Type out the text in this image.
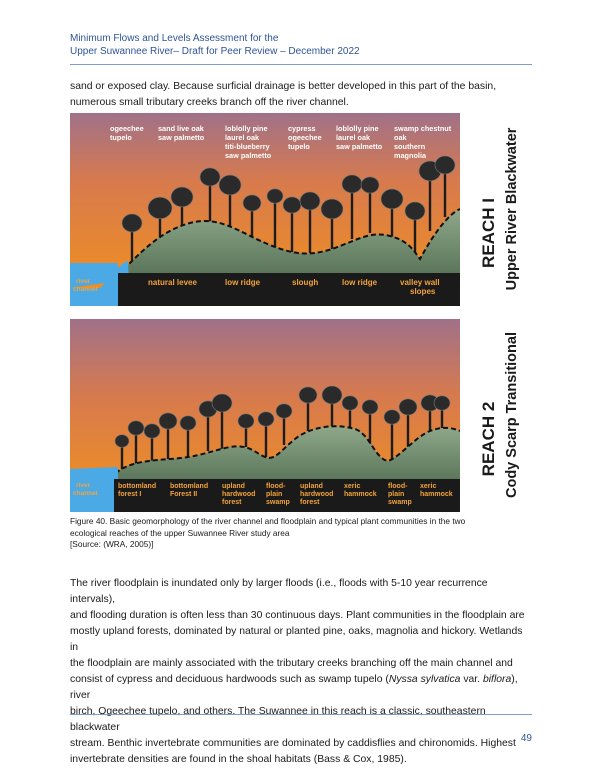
Minimum Flows and Levels Assessment for the
Upper Suwannee River– Draft for Peer Review – December 2022
sand or exposed clay. Because surficial drainage is better developed in this part of the basin, numerous small tributary creeks branch off the river channel.
ogeechee tupelo
sand live oak saw palmetto
loblolly pine laurel oak titi-blueberry saw palmetto
cypress ogeechee tupelo
loblolly pine laurel oak saw palmetto
swamp chestnut oak southern magnolia
river channel
natural levee	low ridge	slough	low ridge	valley wall slopes
REACH I Upper River Blackwater
river channel
bottomland forest I
bottomland Forest II
upland hardwood forest
flood-plain swamp
upland hardwood forest
xeric hammock
flood-plain swamp
xeric hammock
REACH 2 Cody Scarp Transitional
Figure 40. Basic geomorphology of the river channel and floodplain and typical plant communities in the two
ecological reaches of the upper Suwannee River study area
[Source: (WRA, 2005)]
The river floodplain is inundated only by larger floods (i.e., floods with 5-10 year recurrence intervals),
and flooding duration is often less than 30 continuous days. Plant communities in the floodplain are
mostly upland forests, dominated by natural or planted pine, oaks, magnolia and hickory. Wetlands in
the floodplain are mainly associated with the tributary creeks branching off the main channel and
consist of cypress and deciduous hardwoods such as swamp tupelo (Nyssa sylvatica var. biflora), river
birch, Ogeechee tupelo, and others. The Suwannee in this reach is a classic, southeastern blackwater
stream. Benthic invertebrate communities are dominated by caddisflies and chironomids. Highest
invertebrate densities are found in the shoal habitats (Bass & Cox, 1985).
49
